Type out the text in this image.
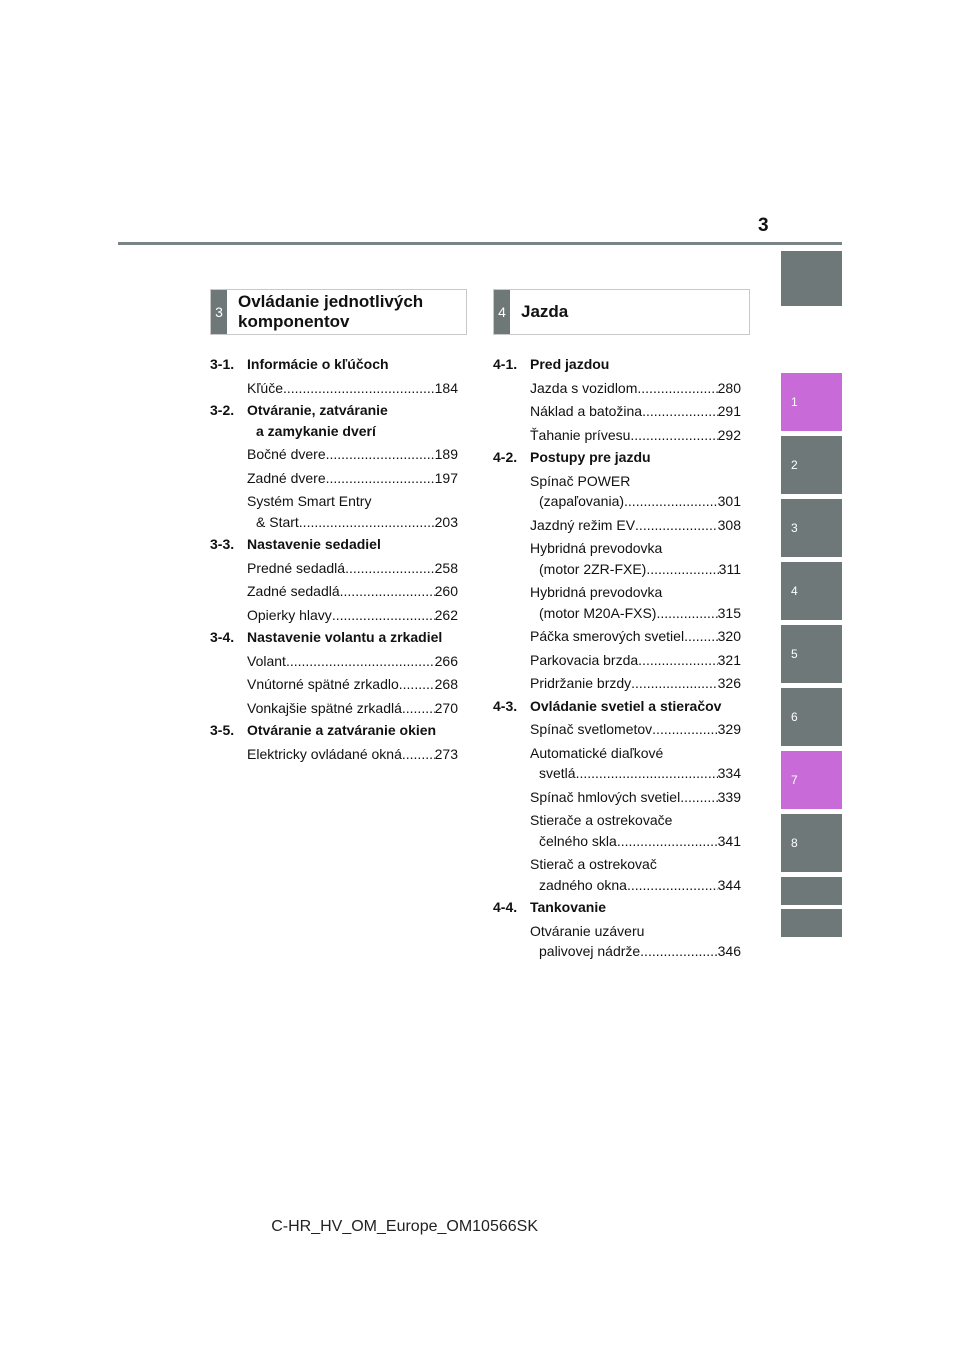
3
1
2
3
4
5
6
7
8
3
Ovládanie jednotlivých komponentov	4 Jazda
3-1. Informácie o kľúčoch
Kľúče .....	184
3-2. Otváranie, zatváranie
a zamykanie dverí
Bočné dvere .....	189
Zadné dvere .....	197
Systém Smart Entry
& Start .....	203
3-3. Nastavenie sedadiel
Predné sedadlá .....	258
Zadné sedadlá .....	260
Opierky hlavy .....	262
3-4. Nastavenie volantu a zrkadiel
Volant .....	266
Vnútorné spätné zrkadlo .....	268
Vonkajšie spätné zrkadlá ..... 270
3-5. Otváranie a zatváranie okien
Elektricky ovládané okná ..... 273
4-1. Pred jazdou
Jazda s vozidlom .....	280
Náklad a batožina .....	291
Ťahanie prívesu .....	292
4-2. Postupy pre jazdu
Spínač POWER
(zapaľovania) .....	301
Jazdný režim EV .....	308
Hybridná prevodovka
(motor 2ZR-FXE) .....	311
Hybridná prevodovka
(motor M20A-FXS) .....	315
Páčka smerových svetiel ..... 320
Parkovacia brzda .....	321
Pridržanie brzdy .....	326
4-3. Ovládanie svetiel a stieračov
Spínač svetlometov .....	329
Automatické diaľkové
svetlá .....	334
Spínač hmlových svetiel .....	339
Stierače a ostrekovače
čelného skla .....	341
Stierač a ostrekovač
zadného okna .....	344
4-4. Tankovanie
Otváranie uzáveru
palivovej nádrže .....	346
C-HR_HV_OM_Europe_OM10566SK
